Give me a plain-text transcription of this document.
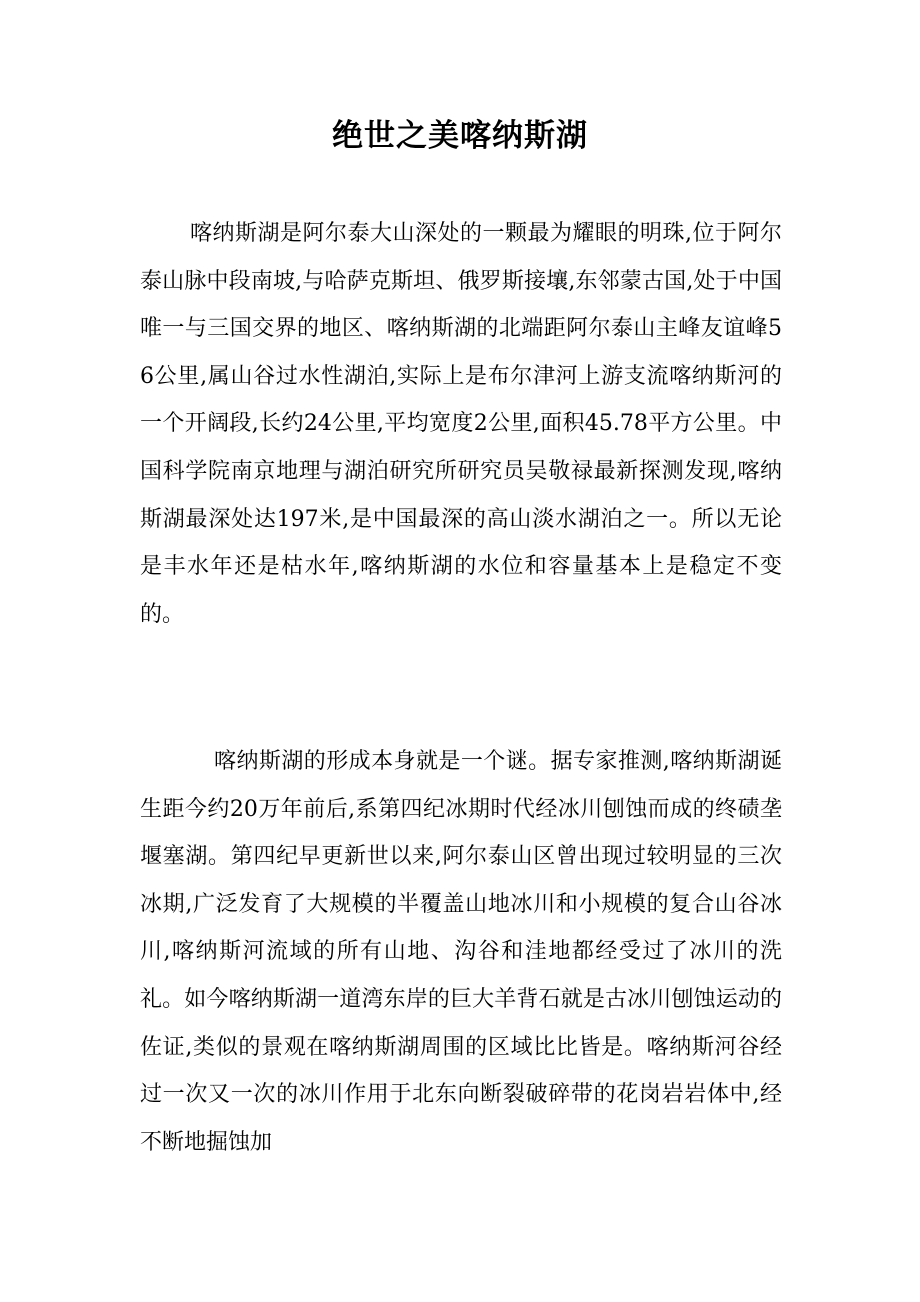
绝世之美喀纳斯湖

喀纳斯湖是阿尔泰大山深处的一颗最为耀眼的明珠,位于阿尔泰山脉中段南坡,与哈萨克斯坦、俄罗斯接壤,东邻蒙古国,处于中国唯一与三国交界的地区、喀纳斯湖的北端距阿尔泰山主峰友谊峰56公里,属山谷过水性湖泊,实际上是布尔津河上游支流喀纳斯河的一个开阔段,长约24公里,平均宽度2公里,面积45.78平方公里。中国科学院南京地理与湖泊研究所研究员吴敬禄最新探测发现,喀纳斯湖最深处达197米,是中国最深的高山淡水湖泊之一。所以无论是丰水年还是枯水年,喀纳斯湖的水位和容量基本上是稳定不变的。

喀纳斯湖的形成本身就是一个谜。据专家推测,喀纳斯湖诞生距今约20万年前后,系第四纪冰期时代经冰川刨蚀而成的终碛垄堰塞湖。第四纪早更新世以来,阿尔泰山区曾出现过较明显的三次冰期,广泛发育了大规模的半覆盖山地冰川和小规模的复合山谷冰川,喀纳斯河流域的所有山地、沟谷和洼地都经受过了冰川的洗礼。如今喀纳斯湖一道湾东岸的巨大羊背石就是古冰川刨蚀运动的佐证,类似的景观在喀纳斯湖周围的区域比比皆是。喀纳斯河谷经过一次又一次的冰川作用于北东向断裂破碎带的花岗岩岩体中,经不断地掘蚀加
